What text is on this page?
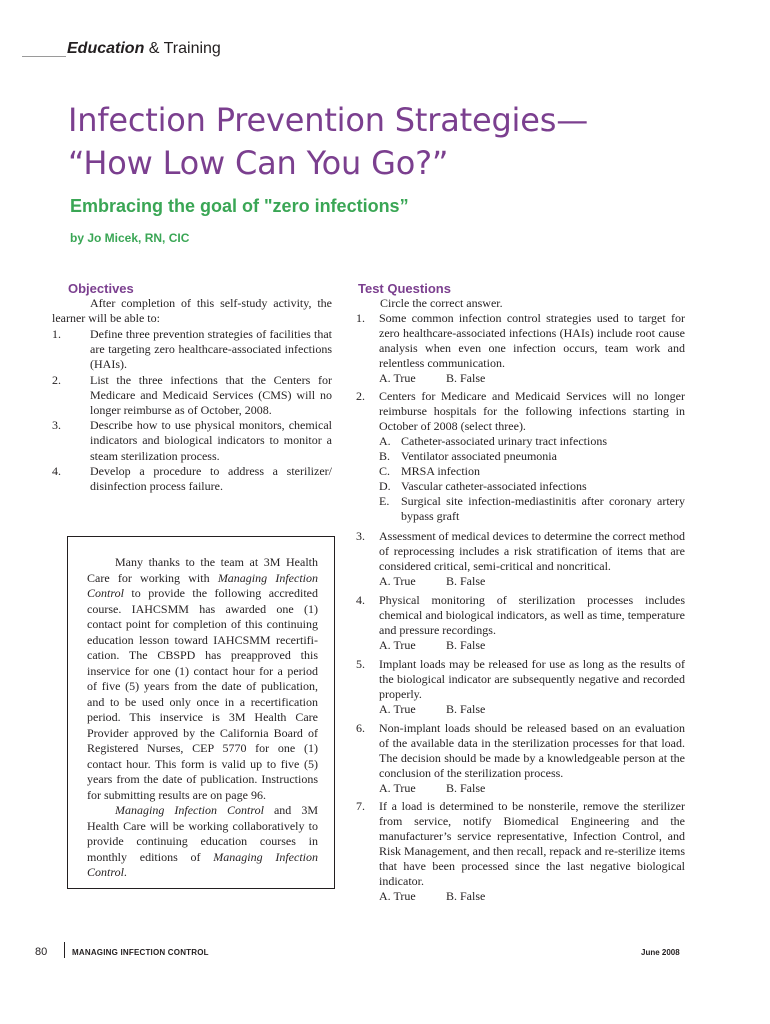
Education & Training
Infection Prevention Strategies—
“How Low Can You Go?”
Embracing the goal of "zero infections”
by Jo Micek, RN, CIC
Objectives
After completion of this self-study activity, the learner will be able to:
1. Define three prevention strategies of facilities that are targeting zero healthcare-associated infections (HAIs).
2. List the three infections that the Centers for Medicare and Medicaid Services (CMS) will no longer reimburse as of October, 2008.
3. Describe how to use physical monitors, chemical indicators and biological indicators to monitor a steam sterilization process.
4. Develop a procedure to address a sterilizer/ disinfection process failure.

Many thanks to the team at 3M Health Care for working with Managing Infection Control to provide the following accredited course. IAHCSMM has awarded one (1) contact point for completion of this continuing education lesson toward IAHCSMM recertifi-cation. The CBSPD has preapproved this inservice for one (1) contact hour for a period of five (5) years from the date of publication, and to be used only once in a recertification period. This inservice is 3M Health Care Provider approved by the California Board of Registered Nurses, CEP 5770 for one (1) contact hour. This form is valid up to five (5) years from the date of publication. Instructions for submitting results are on page 96.

Managing Infection Control and 3M Health Care will be working collaboratively to provide continuing education courses in monthly editions of Managing Infection Control.

Test Questions
Circle the correct answer.
1. Some common infection control strategies used to target for zero healthcare-associated infections (HAIs) include root cause analysis when even one infection occurs, team work and relentless communication.
A. True	B. False
2. Centers for Medicare and Medicaid Services will no longer reimburse hospitals for the following infections starting in October of 2008 (select three).
A. Catheter-associated urinary tract infections
B. Ventilator associated pneumonia
C. MRSA infection
D. Vascular catheter-associated infections
E. Surgical site infection-mediastinitis after coronary artery bypass graft
3. Assessment of medical devices to determine the correct method of reprocessing includes a risk stratification of items that are considered critical, semi-critical and noncritical.
A. True	B. False
4. Physical monitoring of sterilization processes includes chemical and biological indicators, as well as time, temperature and pressure recordings.
A. True	B. False
5. Implant loads may be released for use as long as the results of the biological indicator are subsequently negative and recorded properly.
A. True	B. False
6. Non-implant loads should be released based on an evaluation of the available data in the sterilization processes for that load. The decision should be made by a knowledgeable person at the conclusion of the sterilization process.
A. True	B. False
7. If a load is determined to be nonsterile, remove the sterilizer from service, notify Biomedical Engineering and the manufacturer’s service representative, Infection Control, and Risk Management, and then recall, repack and re-sterilize items that have been processed since the last negative biological indicator.
A. True	B. False
80	MANAGING INFECTION CONTROL	June 2008
